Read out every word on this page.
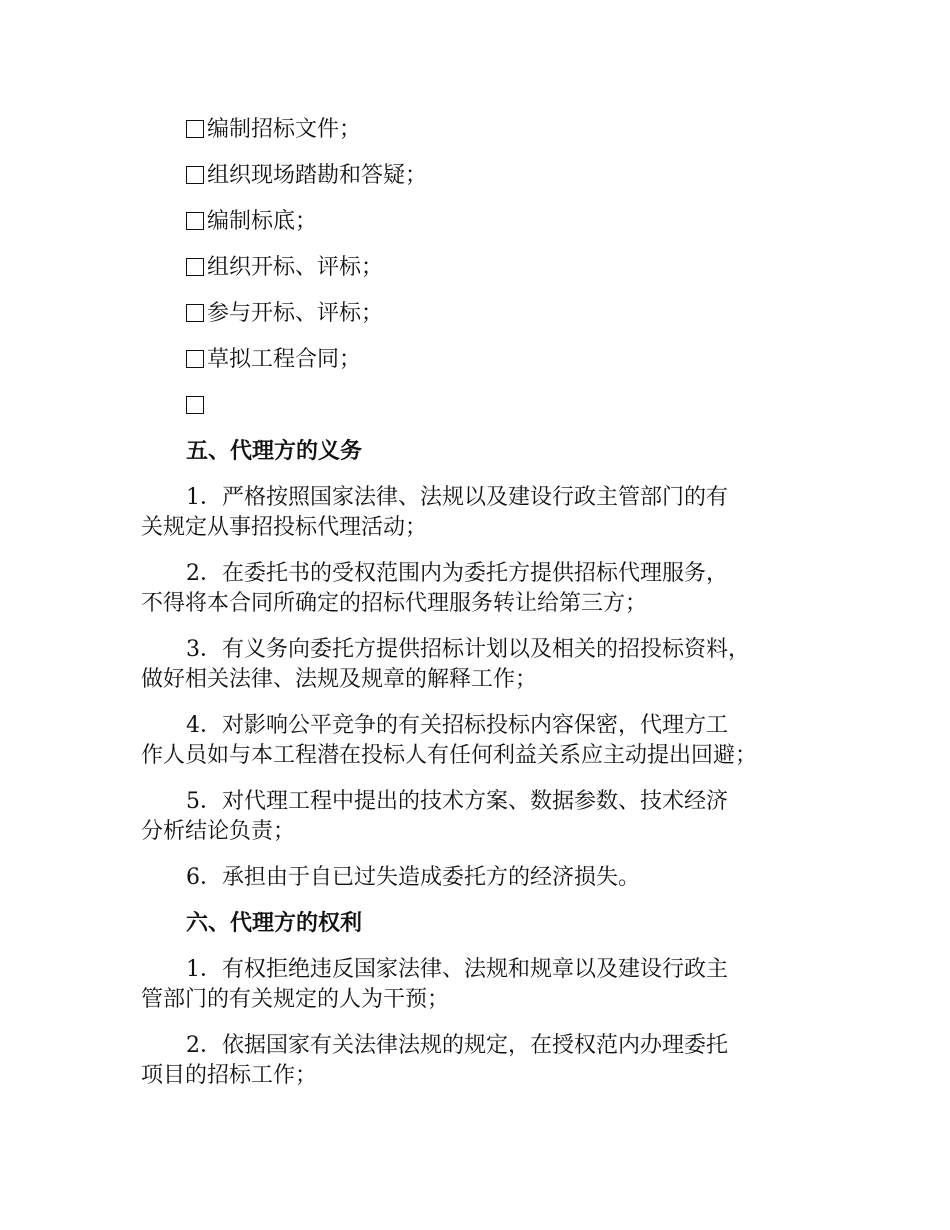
编制招标文件；
组织现场踏勘和答疑；
编制标底；
组织开标、评标；
参与开标、评标；
草拟工程合同；
五、代理方的义务
1．严格按照国家法律、法规以及建设行政主管部门的有
关规定从事招投标代理活动；
2．在委托书的受权范围内为委托方提供招标代理服务，
不得将本合同所确定的招标代理服务转让给第三方；
3．有义务向委托方提供招标计划以及相关的招投标资料，
做好相关法律、法规及规章的解释工作；
4．对影响公平竞争的有关招标投标内容保密，代理方工
作人员如与本工程潜在投标人有任何利益关系应主动提出回避；
5．对代理工程中提出的技术方案、数据参数、技术经济
分析结论负责；
6．承担由于自已过失造成委托方的经济损失。
六、代理方的权利
1．有权拒绝违反国家法律、法规和规章以及建设行政主
管部门的有关规定的人为干预；
2．依据国家有关法律法规的规定，在授权范内办理委托
项目的招标工作；
